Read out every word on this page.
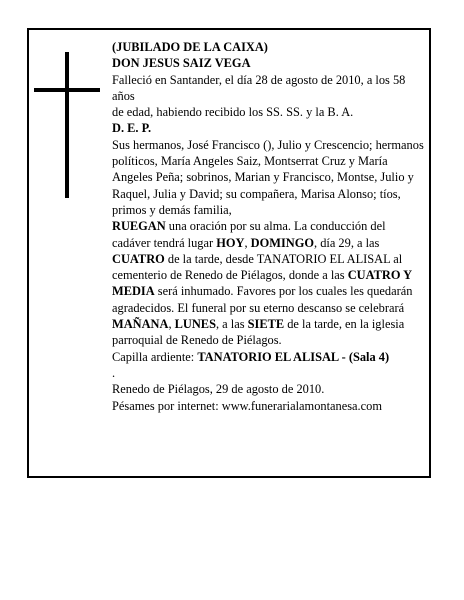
(JUBILADO DE LA CAIXA)

DON JESUS SAIZ VEGA

Falleció en Santander, el día 28 de agosto de 2010, a los 58 años

de edad, habiendo recibido los SS. SS. y la B. A.

D. E. P.

Sus hermanos, José Francisco (), Julio y Crescencio; hermanos políticos, María Angeles Saiz, Montserrat Cruz y María Angeles Peña; sobrinos, Marian y Francisco, Montse, Julio y Raquel, Julia y David; su compañera, Marisa Alonso; tíos, primos y demás familia,

RUEGAN una oración por su alma. La conducción del cadáver tendrá lugar HOY, DOMINGO, día 29, a las CUATRO de la tarde, desde TANATORIO EL ALISAL al cementerio de Renedo de Piélagos, donde a las CUATRO Y MEDIA será inhumado. Favores por los cuales les quedarán agradecidos. El funeral por su eterno descanso se celebrará MAÑANA, LUNES, a las SIETE de la tarde, en la iglesia parroquial de Renedo de Piélagos.

Capilla ardiente: TANATORIO EL ALISAL - (Sala 4)

.

Renedo de Piélagos, 29 de agosto de 2010.

Pésames por internet: www.funerarialamontanesa.com
